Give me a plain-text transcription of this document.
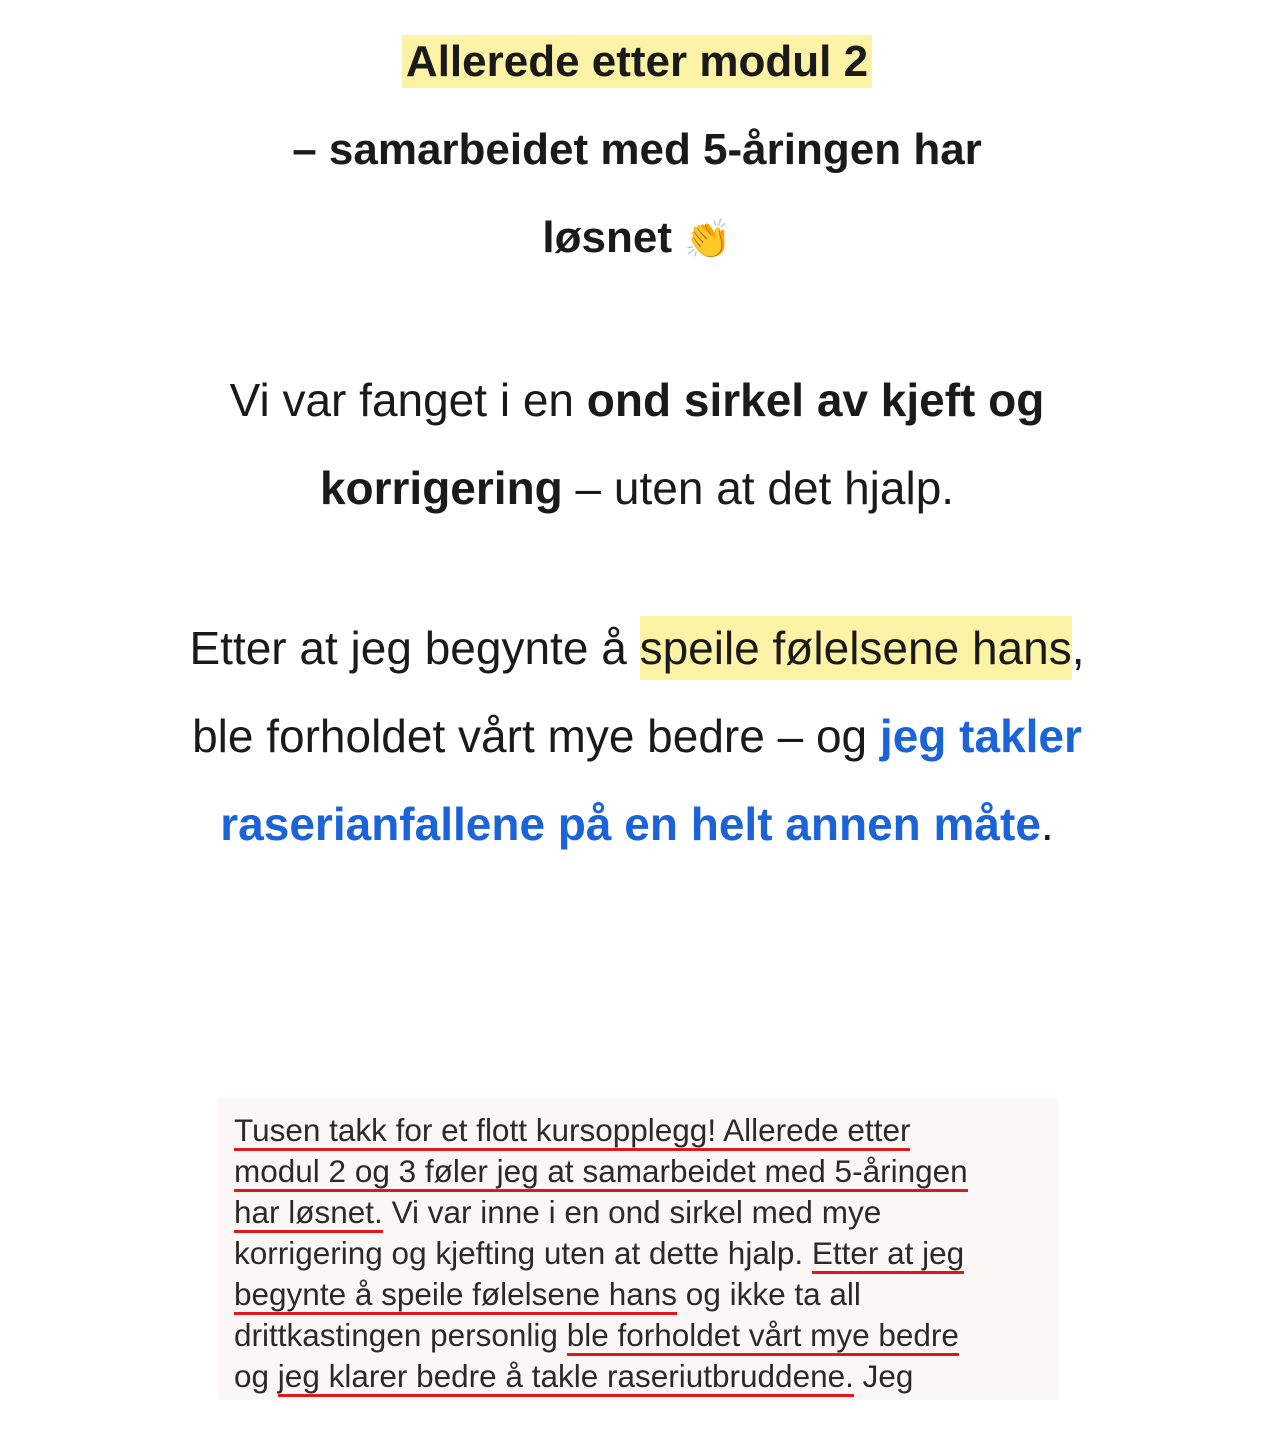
Allerede etter modul 2
– samarbeidet med 5-åringen har
løsnet 👏

Vi var fanget i en ond sirkel av kjeft og korrigering – uten at det hjalp.

Etter at jeg begynte å speile følelsene hans, ble forholdet vårt mye bedre – og jeg takler raserianfallene på en helt annen måte.

Tusen takk for et flott kursopplegg! Allerede etter
modul 2 og 3 føler jeg at samarbeidet med 5-åringen
har løsnet. Vi var inne i en ond sirkel med mye
korrigering og kjefting uten at dette hjalp. Etter at jeg
begynte å speile følelsene hans og ikke ta all
drittkastingen personlig ble forholdet vårt mye bedre
og jeg klarer bedre å takle raseriutbruddene. Jeg
